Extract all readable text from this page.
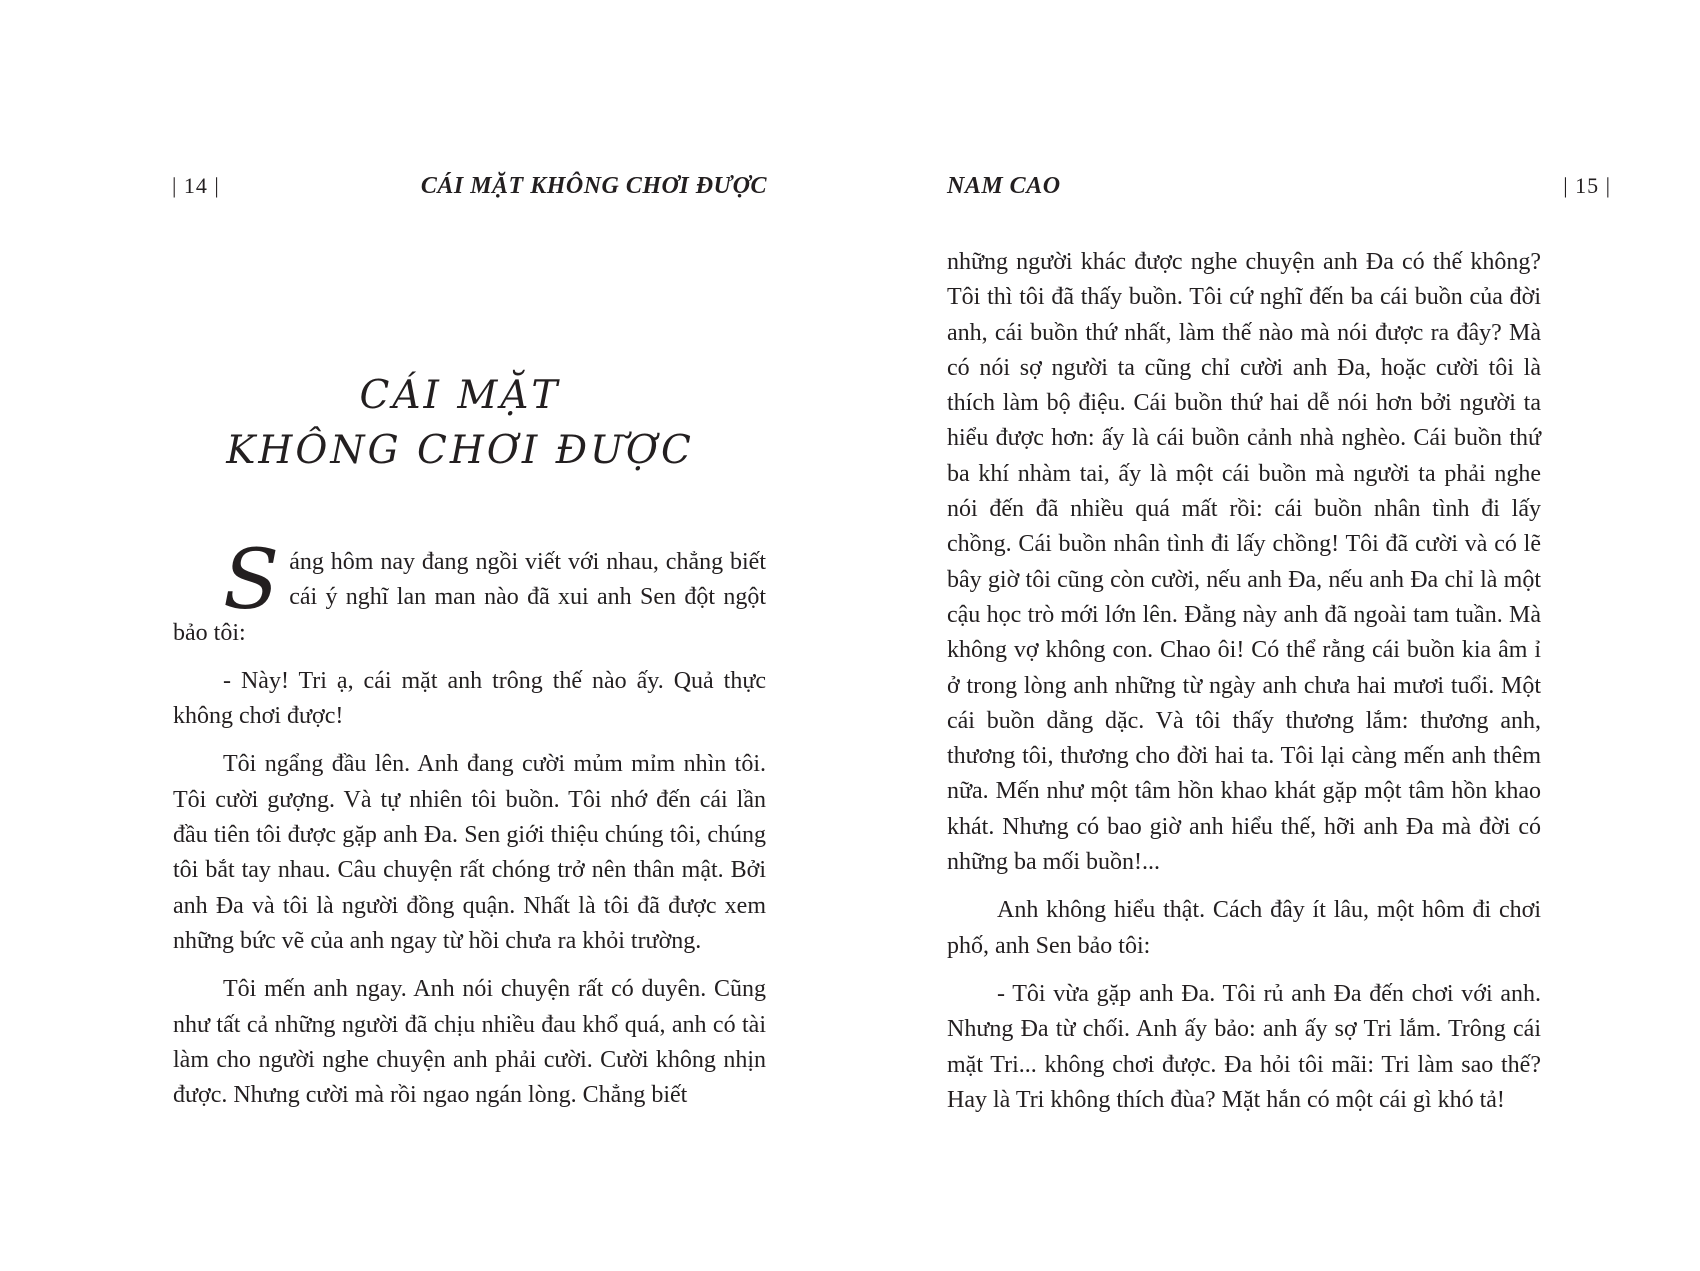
| 14 |	CÁI MẶT KHÔNG CHƠI ĐƯỢC
CÁI MẶT
KHÔNG CHƠI ĐƯỢC

Sáng hôm nay đang ngồi viết với nhau, chẳng biết cái ý nghĩ lan man nào đã xui anh Sen đột ngột bảo tôi:

- Này! Tri ạ, cái mặt anh trông thế nào ấy. Quả thực không chơi được!

Tôi ngẩng đầu lên. Anh đang cười mủm mỉm nhìn tôi. Tôi cười gượng. Và tự nhiên tôi buồn. Tôi nhớ đến cái lần đầu tiên tôi được gặp anh Đa. Sen giới thiệu chúng tôi, chúng tôi bắt tay nhau. Câu chuyện rất chóng trở nên thân mật. Bởi anh Đa và tôi là người đồng quận. Nhất là tôi đã được xem những bức vẽ của anh ngay từ hồi chưa ra khỏi trường.

Tôi mến anh ngay. Anh nói chuyện rất có duyên. Cũng như tất cả những người đã chịu nhiều đau khổ quá, anh có tài làm cho người nghe chuyện anh phải cười. Cười không nhịn được. Nhưng cười mà rồi ngao ngán lòng. Chẳng biết

NAM CAO	| 15 |

những người khác được nghe chuyện anh Đa có thế không? Tôi thì tôi đã thấy buồn. Tôi cứ nghĩ đến ba cái buồn của đời anh, cái buồn thứ nhất, làm thế nào mà nói được ra đây? Mà có nói sợ người ta cũng chỉ cười anh Đa, hoặc cười tôi là thích làm bộ điệu. Cái buồn thứ hai dễ nói hơn bởi người ta hiểu được hơn: ấy là cái buồn cảnh nhà nghèo. Cái buồn thứ ba khí nhàm tai, ấy là một cái buồn mà người ta phải nghe nói đến đã nhiều quá mất rồi: cái buồn nhân tình đi lấy chồng. Cái buồn nhân tình đi lấy chồng! Tôi đã cười và có lẽ bây giờ tôi cũng còn cười, nếu anh Đa, nếu anh Đa chỉ là một cậu học trò mới lớn lên. Đằng này anh đã ngoài tam tuần. Mà không vợ không con. Chao ôi! Có thể rằng cái buồn kia âm ỉ ở trong lòng anh những từ ngày anh chưa hai mươi tuổi. Một cái buồn dằng dặc. Và tôi thấy thương lắm: thương anh, thương tôi, thương cho đời hai ta. Tôi lại càng mến anh thêm nữa. Mến như một tâm hồn khao khát gặp một tâm hồn khao khát. Nhưng có bao giờ anh hiểu thế, hỡi anh Đa mà đời có những ba mối buồn!...

Anh không hiểu thật. Cách đây ít lâu, một hôm đi chơi phố, anh Sen bảo tôi:

- Tôi vừa gặp anh Đa. Tôi rủ anh Đa đến chơi với anh. Nhưng Đa từ chối. Anh ấy bảo: anh ấy sợ Tri lắm. Trông cái mặt Tri... không chơi được. Đa hỏi tôi mãi: Tri làm sao thế? Hay là Tri không thích đùa? Mặt hắn có một cái gì khó tả!
